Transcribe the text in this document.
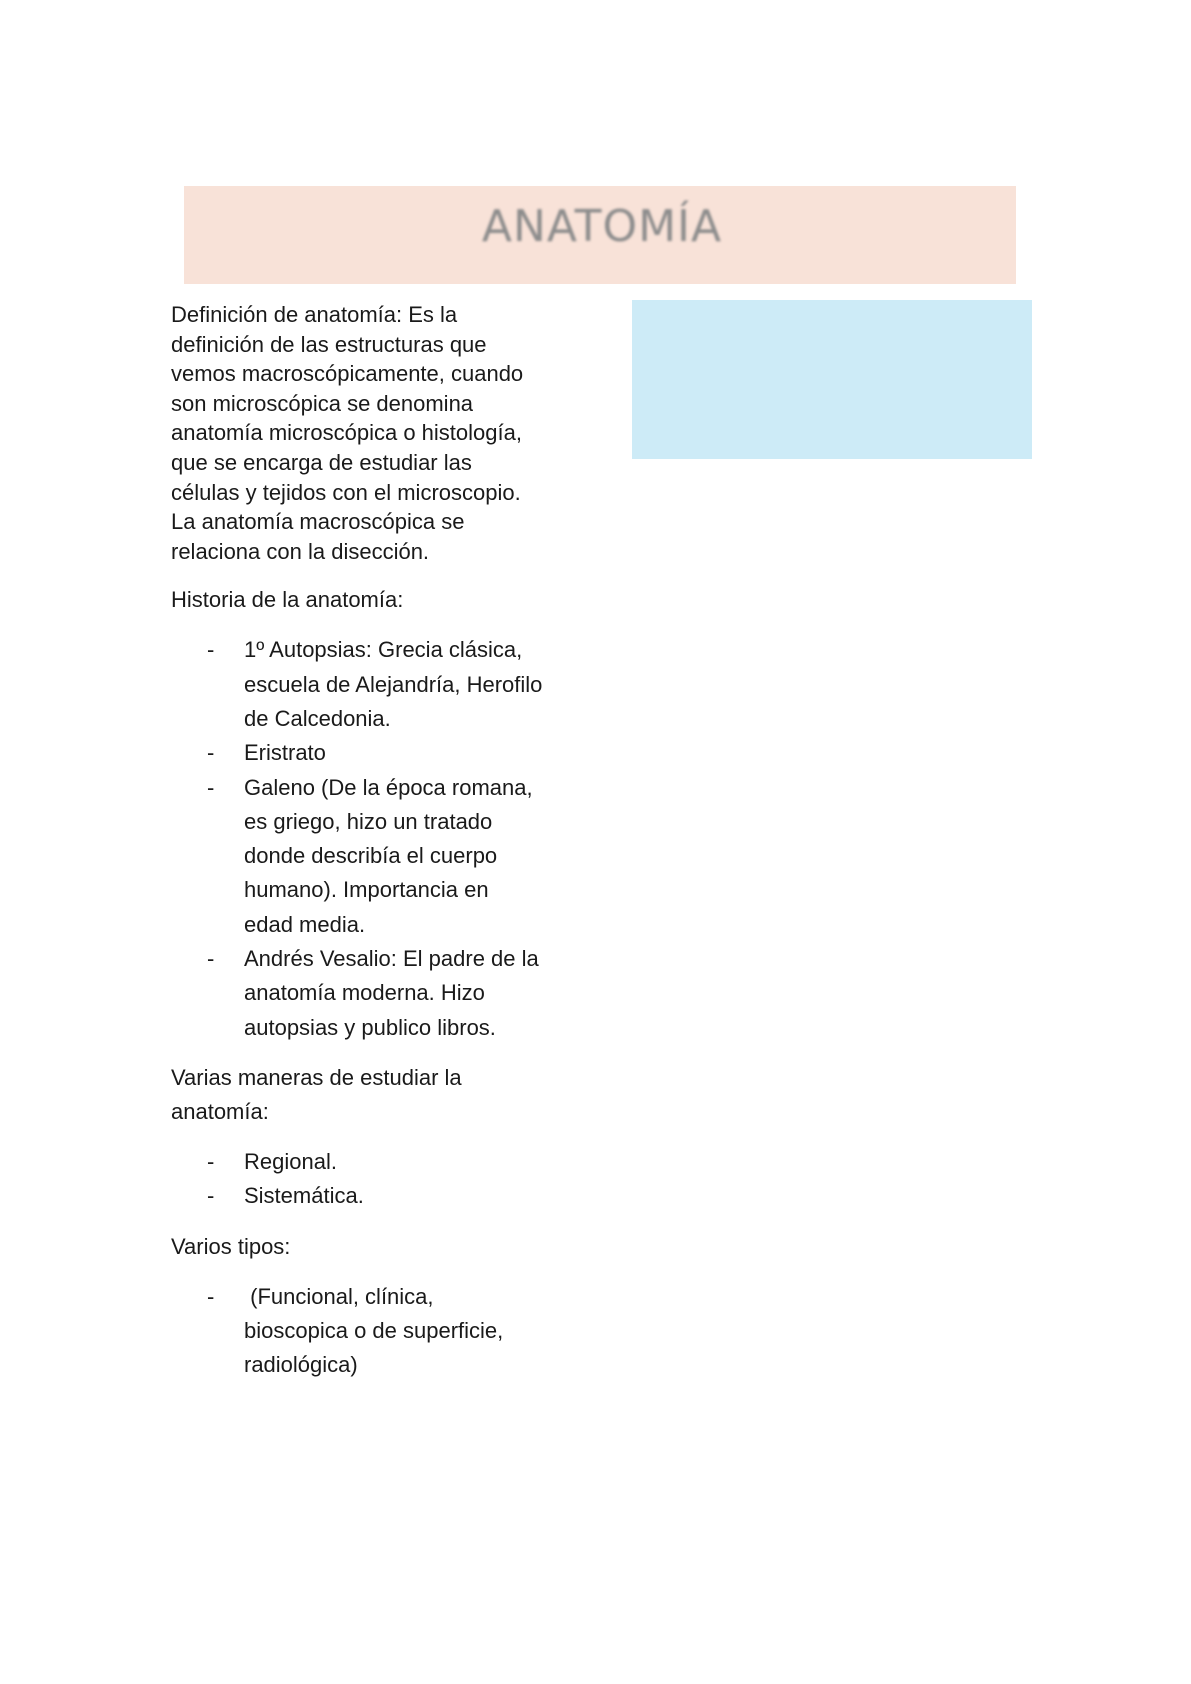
ANATOMÍA

Definición de anatomía: Es la
definición de las estructuras que
vemos macroscópicamente, cuando
son microscópica se denomina
anatomía microscópica o histología,
que se encarga de estudiar las
células y tejidos con el microscopio.
La anatomía macroscópica se
relaciona con la disección.

Historia de la anatomía:

- 1º Autopsias: Grecia clásica,
escuela de Alejandría, Herofilo
de Calcedonia.
- Eristrato
- Galeno (De la época romana,
es griego, hizo un tratado
donde describía el cuerpo
humano). Importancia en
edad media.
- Andrés Vesalio: El padre de la
anatomía moderna. Hizo
autopsias y publico libros.

Varias maneras de estudiar la
anatomía:

- Regional.
- Sistemática.

Varios tipos:

- (Funcional, clínica,
bioscopica o de superficie,
radiológica)
